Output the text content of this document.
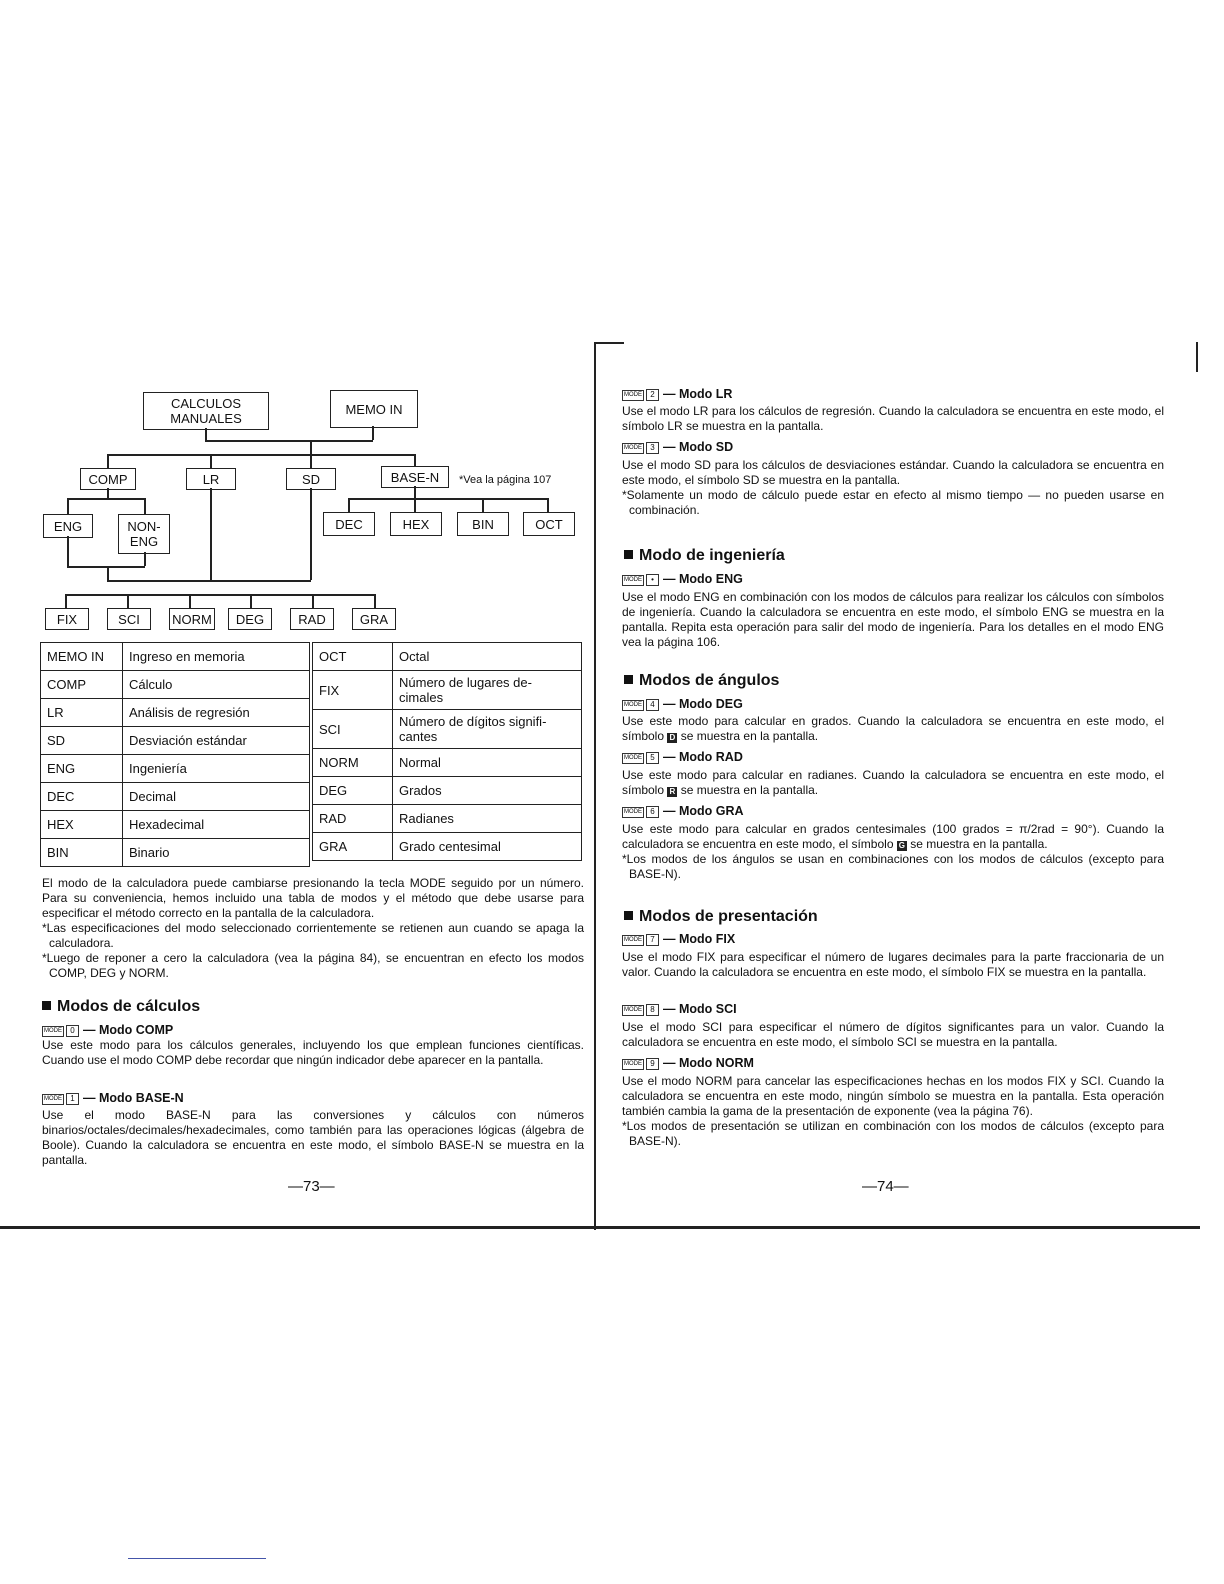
CALCULOS MANUALES
MEMO IN
COMP	LR	SD	BASE-N	*Vea la página 107
ENG	NON- ENG
DEC	HEX	BIN	OCT
FIX	SCI	NORM	DEG	RAD	GRA
MEMO IN	Ingreso en memoria
COMP	Cálculo
LR	Análisis de regresión
SD	Desviación estándar
ENG	Ingeniería
DEC	Decimal
HEX	Hexadecimal
BIN	Binario
OCT	Octal
FIX	Número de lugares de-cimales
SCI	Número de dígitos signifi-cantes
NORM	Normal
DEG	Grados
RAD	Radianes
GRA	Grado centesimal

El modo de la calculadora puede cambiarse presionando la tecla MODE seguido por un número. Para su conveniencia, hemos incluido una tabla de modos y el método que debe usarse para especificar el método correcto en la pantalla de la calculadora.

*Las especificaciones del modo seleccionado corrientemente se retienen aun cuando se apaga la calculadora.

*Luego de reponer a cero la calculadora (vea la página 84), se encuentran en efecto los modos COMP, DEG y NORM.

Modos de cálculos
MODE 0 — Modo COMP
Use este modo para los cálculos generales, incluyendo los que emplean funciones científicas. Cuando use el modo COMP debe recordar que ningún indicador debe aparecer en la pantalla.
MODE 1 — Modo BASE-N
Use el modo BASE-N para las conversiones y cálculos con números binarios/octales/decimales/hexadecimales, como también para las operaciones lógicas (álgebra de Boole). Cuando la calculadora se encuentra en este modo, el símbolo BASE-N se muestra en la pantalla.
—73—
MODE 2 — Modo LR
Use el modo LR para los cálculos de regresión. Cuando la calculadora se encuentra en este modo, el símbolo LR se muestra en la pantalla.
MODE 3 — Modo SD

Use el modo SD para los cálculos de desviaciones estándar. Cuando la calculadora se encuentra en este modo, el símbolo SD se muestra en la pantalla.

*Solamente un modo de cálculo puede estar en efecto al mismo tiempo — no pueden usarse en combinación.

Modo de ingeniería
MODE • — Modo ENG
Use el modo ENG en combinación con los modos de cálculos para realizar los cálculos con símbolos de ingeniería. Cuando la calculadora se encuentra en este modo, el símbolo ENG se muestra en la pantalla. Repita esta operación para salir del modo de ingeniería. Para los detalles en el modo ENG vea la página 106.
Modos de ángulos
MODE 4 — Modo DEG
Use este modo para calcular en grados. Cuando la calculadora se encuentra en este modo, el símbolo D se muestra en la pantalla.
MODE 5 — Modo RAD
Use este modo para calcular en radianes. Cuando la calculadora se encuentra en este modo, el símbolo R se muestra en la pantalla.
MODE 6 — Modo GRA

Use este modo para calcular en grados centesimales (100 grados = π/2rad = 90°). Cuando la calculadora se encuentra en este modo, el símbolo G se muestra en la pantalla.

*Los modos de los ángulos se usan en combinaciones con los modos de cálculos (excepto para BASE-N).

Modos de presentación
MODE 7 — Modo FIX
Use el modo FIX para especificar el número de lugares decimales para la parte fraccionaria de un valor. Cuando la calculadora se encuentra en este modo, el símbolo FIX se muestra en la pantalla.
MODE 8 — Modo SCI
Use el modo SCI para especificar el número de dígitos significantes para un valor. Cuando la calculadora se encuentra en este modo, el símbolo SCI se muestra en la pantalla.
MODE 9 — Modo NORM

Use el modo NORM para cancelar las especificaciones hechas en los modos FIX y SCI. Cuando la calculadora se encuentra en este modo, ningún símbolo se muestra en la pantalla. Esta operación también cambia la gama de la presentación de exponente (vea la página 76).

*Los modos de presentación se utilizan en combinación con los modos de cálculos (excepto para BASE-N).

—74—
